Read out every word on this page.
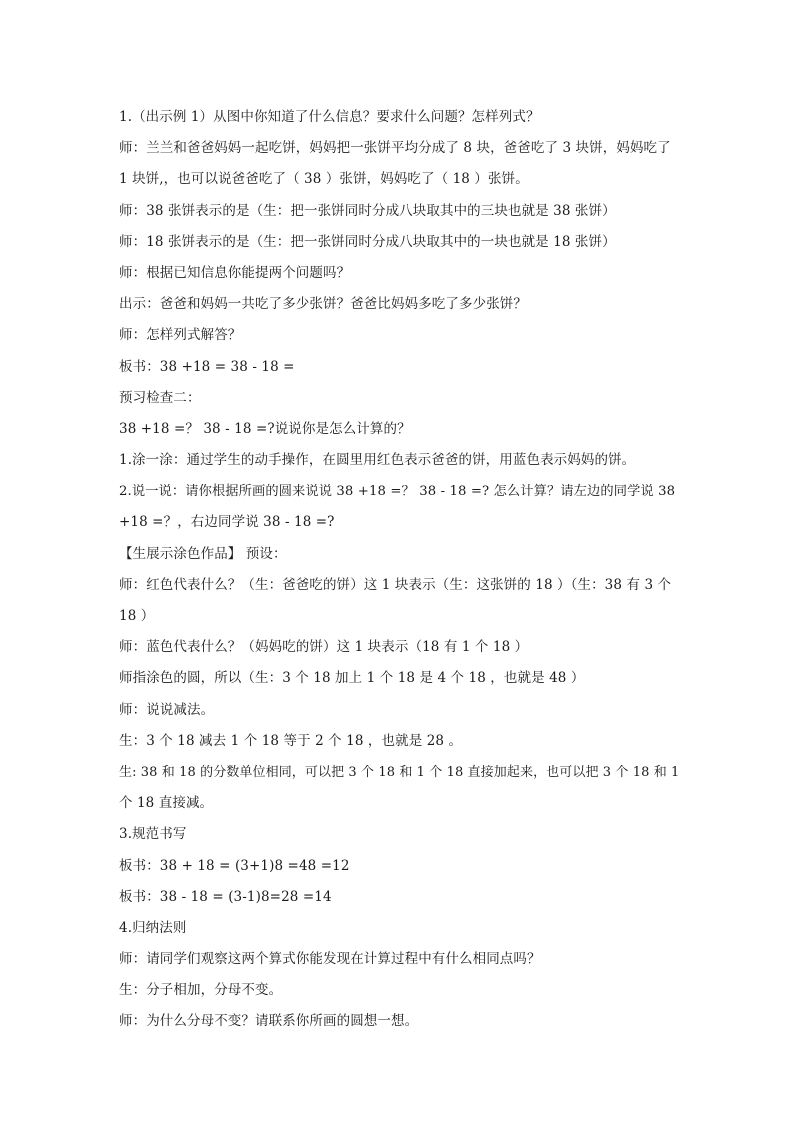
1.（出示例 1）从图中你知道了什么信息？要求什么问题？怎样列式？
师：兰兰和爸爸妈妈一起吃饼，妈妈把一张饼平均分成了 8 块，爸爸吃了 3 块饼，妈妈吃了
1 块饼,，也可以说爸爸吃了（ 38 ）张饼，妈妈吃了（ 18 ）张饼。
师：38 张饼表示的是（生：把一张饼同时分成八块取其中的三块也就是 38 张饼）
师：18 张饼表示的是（生：把一张饼同时分成八块取其中的一块也就是 18 张饼）
师：根据已知信息你能提两个问题吗？
出示：爸爸和妈妈一共吃了多少张饼？爸爸比妈妈多吃了多少张饼？
师：怎样列式解答？
板书：38 +18 = 38 - 18 =
预习检查二：
38 +18 =？ 38 - 18 =?说说你是怎么计算的？
1.涂一涂：通过学生的动手操作，在圆里用红色表示爸爸的饼，用蓝色表示妈妈的饼。
2.说一说：请你根据所画的圆来说说 38 +18 =？ 38 - 18 =? 怎么计算？请左边的同学说 38
+18 =？，右边同学说 38 - 18 =?
【生展示涂色作品】 预设：
师：红色代表什么？（生：爸爸吃的饼）这 1 块表示（生：这张饼的 18 ）（生：38 有 3 个
18 ）
师：蓝色代表什么？（妈妈吃的饼）这 1 块表示（18 有 1 个 18 ）
师指涂色的圆，所以（生：3 个 18 加上 1 个 18 是 4 个 18 ，也就是 48 ）
师：说说减法。
生：3 个 18 减去 1 个 18 等于 2 个 18 ，也就是 28 。
生: 38 和 18 的分数单位相同，可以把 3 个 18 和 1 个 18 直接加起来，也可以把 3 个 18 和 1
个 18 直接减。
3.规范书写
板书：38 + 18 = (3+1)8 =48 =12
板书：38 - 18 = (3-1)8=28 =14
4.归纳法则
师：请同学们观察这两个算式你能发现在计算过程中有什么相同点吗？
生：分子相加，分母不变。
师：为什么分母不变？请联系你所画的圆想一想。
